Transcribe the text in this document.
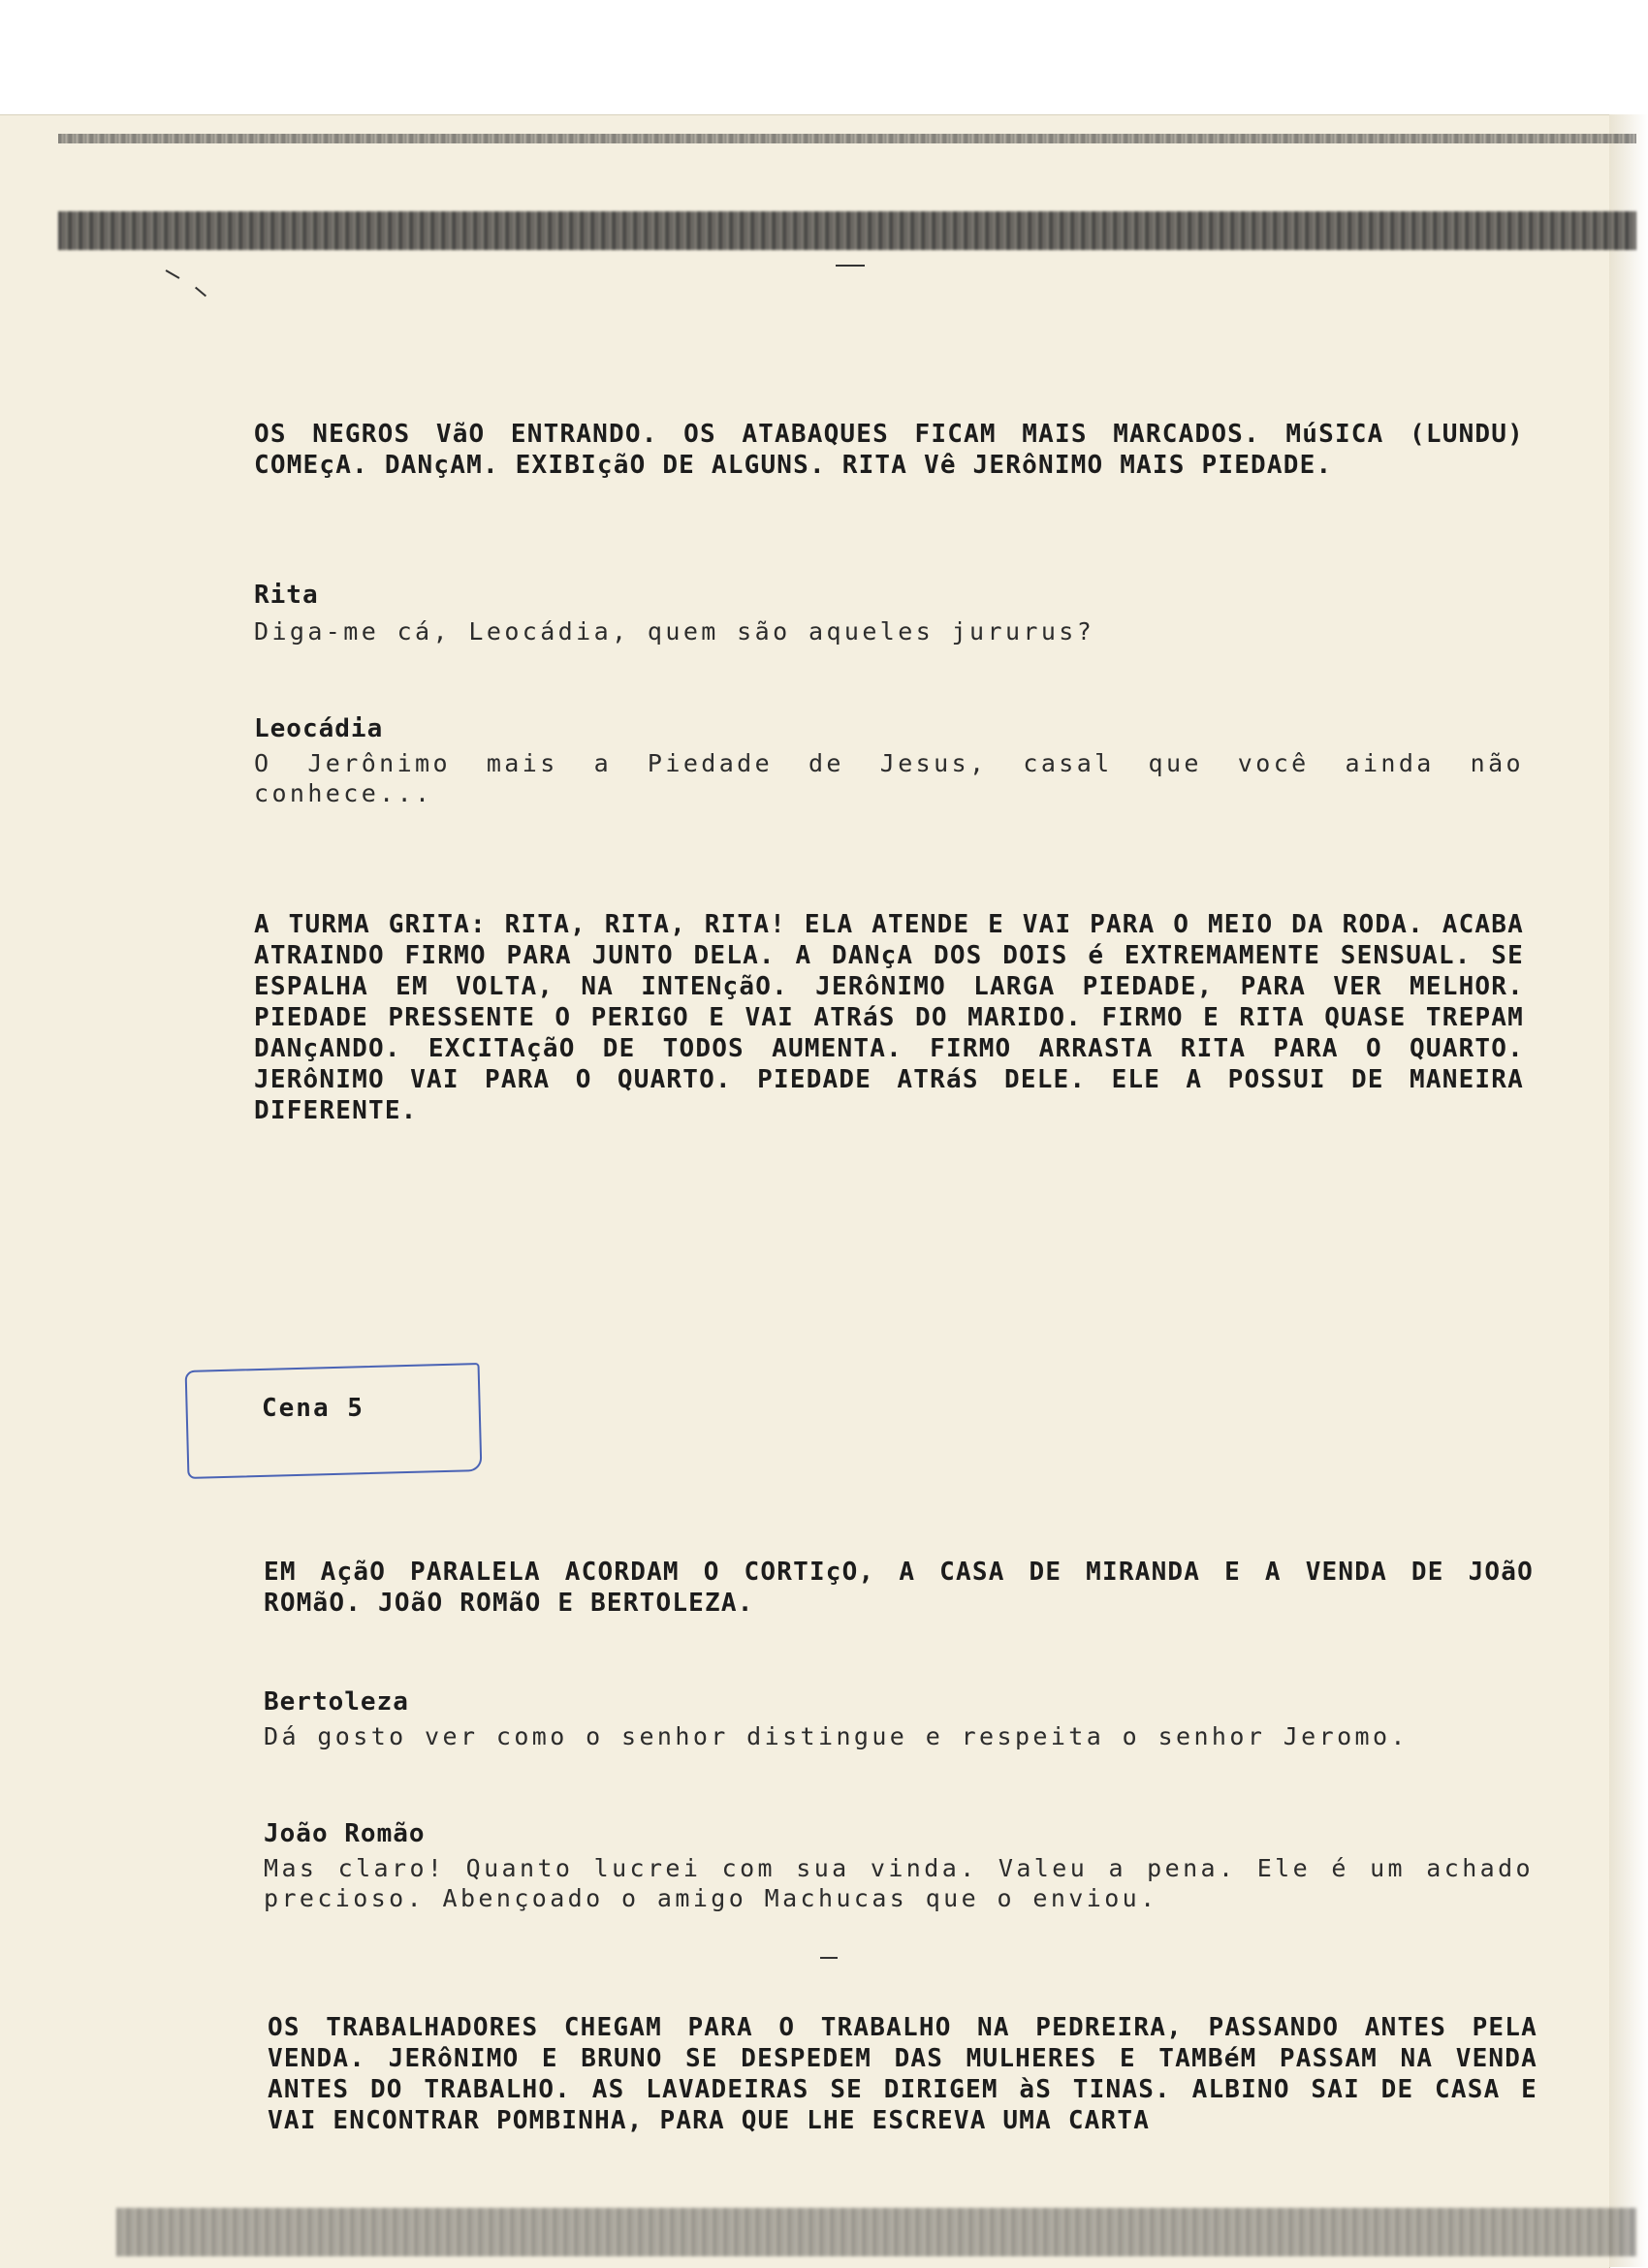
OS NEGROS VãO ENTRANDO. OS ATABAQUES FICAM MAIS MARCADOS. MúSICA (LUNDU) COMEçA. DANçAM. EXIBIçãO DE ALGUNS. RITA Vê JERôNIMO MAIS PIEDADE.
Rita
Diga-me cá, Leocádia, quem são aqueles jururus?
Leocádia
O Jerônimo mais a Piedade de Jesus, casal que você ainda não conhece...
A TURMA GRITA: RITA, RITA, RITA! ELA ATENDE E VAI PARA O MEIO DA RODA. ACABA ATRAINDO FIRMO PARA JUNTO DELA. A DANçA DOS DOIS é EXTREMAMENTE SENSUAL. SE ESPALHA EM VOLTA, NA INTENçãO. JERôNIMO LARGA PIEDADE, PARA VER MELHOR. PIEDADE PRESSENTE O PERIGO E VAI ATRáS DO MARIDO. FIRMO E RITA QUASE TREPAM DANçANDO. EXCITAçãO DE TODOS AUMENTA. FIRMO ARRASTA RITA PARA O QUARTO. JERôNIMO VAI PARA O QUARTO. PIEDADE ATRáS DELE. ELE A POSSUI DE MANEIRA DIFERENTE.
Cena 5
EM AçãO PARALELA ACORDAM O CORTIçO, A CASA DE MIRANDA E A VENDA DE JOãO ROMãO. JOãO ROMãO E BERTOLEZA.
Bertoleza
Dá gosto ver como o senhor distingue e respeita o senhor Jeromo.
João Romão
Mas claro! Quanto lucrei com sua vinda. Valeu a pena. Ele é um achado precioso. Abençoado o amigo Machucas que o enviou.
OS TRABALHADORES CHEGAM PARA O TRABALHO NA PEDREIRA, PASSANDO ANTES PELA VENDA. JERôNIMO E BRUNO SE DESPEDEM DAS MULHERES E TAMBéM PASSAM NA VENDA ANTES DO TRABALHO. AS LAVADEIRAS SE DIRIGEM àS TINAS. ALBINO SAI DE CASA E VAI ENCONTRAR POMBINHA, PARA QUE LHE ESCREVA UMA CARTA
